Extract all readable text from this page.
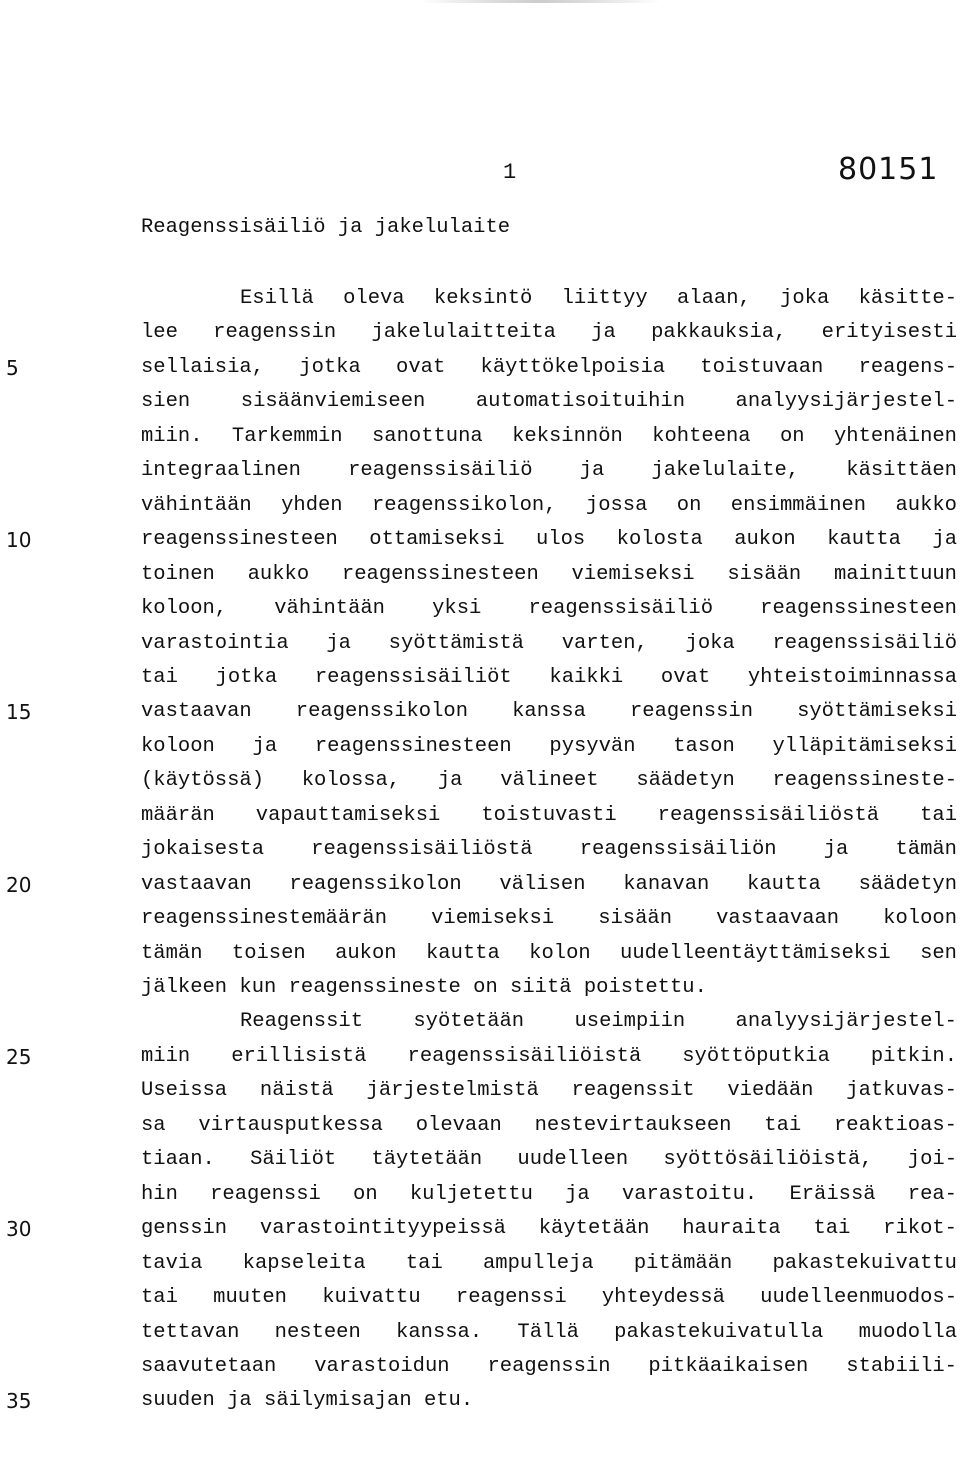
1	80151
Reagenssisäiliö ja jakelulaite
Esillä oleva keksintö liittyy alaan, joka käsitte-
lee reagenssin jakelulaitteita ja pakkauksia, erityisesti
sellaisia, jotka ovat käyttökelpoisia toistuvaan reagens-
sien sisäänviemiseen automatisoituihin analyysijärjestel-
miin. Tarkemmin sanottuna keksinnön kohteena on yhtenäinen
integraalinen reagenssisäiliö ja jakelulaite, käsittäen
vähintään yhden reagenssikolon, jossa on ensimmäinen aukko
reagenssinesteen ottamiseksi ulos kolosta aukon kautta ja
toinen aukko reagenssinesteen viemiseksi sisään mainittuun
koloon, vähintään yksi reagenssisäiliö reagenssinesteen
varastointia ja syöttämistä varten, joka reagenssisäiliö
tai jotka reagenssisäiliöt kaikki ovat yhteistoiminnassa
vastaavan reagenssikolon kanssa reagenssin syöttämiseksi
koloon ja reagenssinesteen pysyvän tason ylläpitämiseksi
(käytössä) kolossa, ja välineet säädetyn reagenssineste-
määrän vapauttamiseksi toistuvasti reagenssisäiliöstä tai
jokaisesta reagenssisäiliöstä reagenssisäiliön ja tämän
vastaavan reagenssikolon välisen kanavan kautta säädetyn
reagenssinestemäärän viemiseksi sisään vastaavaan koloon
tämän toisen aukon kautta kolon uudelleentäyttämiseksi sen
jälkeen kun reagenssineste on siitä poistettu.
Reagenssit syötetään useimpiin analyysijärjestel-
miin erillisistä reagenssisäiliöistä syöttöputkia pitkin.
Useissa näistä järjestelmistä reagenssit viedään jatkuvas-
sa virtausputkessa olevaan nestevirtaukseen tai reaktioas-
tiaan. Säiliöt täytetään uudelleen syöttösäiliöistä, joi-
hin reagenssi on kuljetettu ja varastoitu. Eräissä rea-
genssin varastointityypeissä käytetään hauraita tai rikot-
tavia kapseleita tai ampulleja pitämään pakastekuivattu
tai muuten kuivattu reagenssi yhteydessä uudelleenmuodos-
tettavan nesteen kanssa. Tällä pakastekuivatulla muodolla
saavutetaan varastoidun reagenssin pitkäaikaisen stabiili-
suuden ja säilymisajan etu.
5
10
15
20
25
30
35
